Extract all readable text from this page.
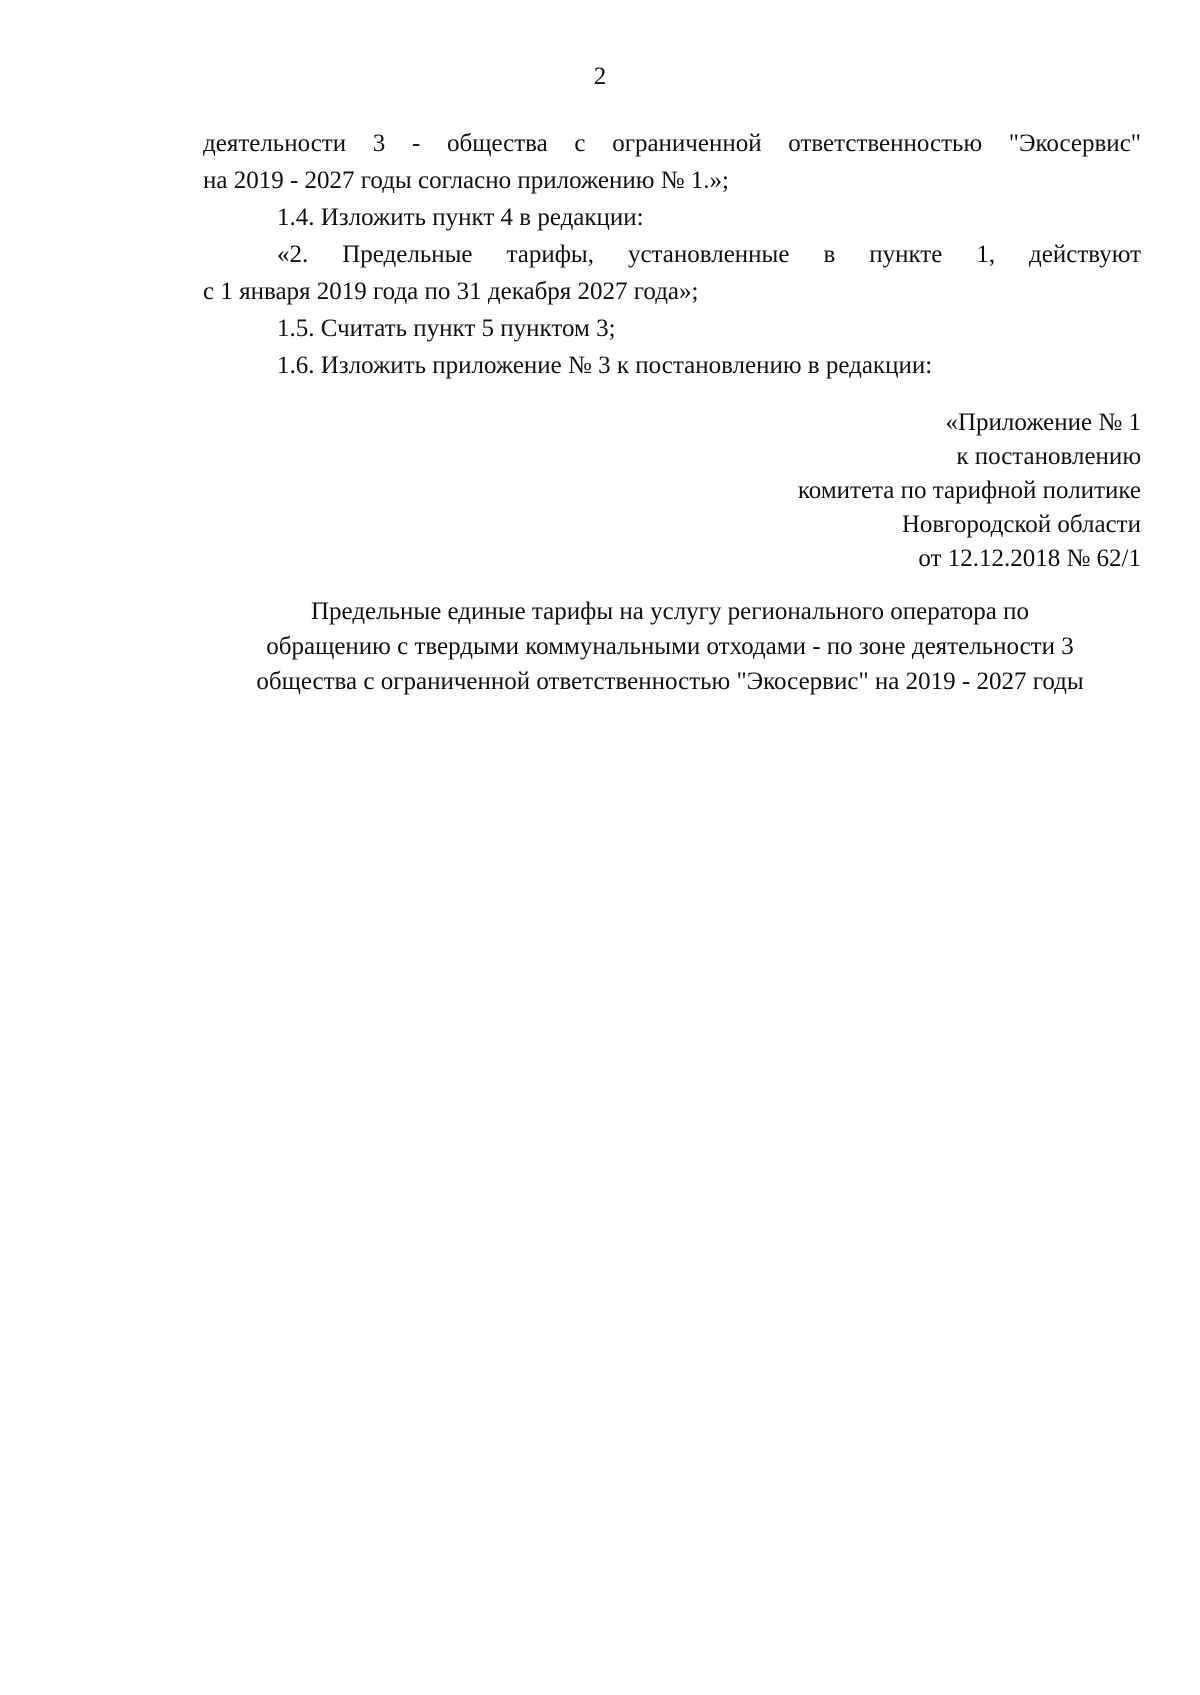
2
деятельности 3 - общества с ограниченной ответственностью "Экосервис"
на 2019 - 2027 годы согласно приложению № 1.»;
1.4. Изложить пункт 4 в редакции:
«2. Предельные тарифы, установленные в пункте 1, действуют
с 1 января 2019 года по 31 декабря 2027 года»;
1.5. Считать пункт 5 пунктом 3;
1.6. Изложить приложение № 3 к постановлению в редакции:
«Приложение № 1
к постановлению
комитета по тарифной политике
Новгородской области
от 12.12.2018 № 62/1
Предельные единые тарифы на услугу регионального оператора по
обращению с твердыми коммунальными отходами - по зоне деятельности 3
общества с ограниченной ответственностью "Экосервис" на 2019 - 2027 годы
